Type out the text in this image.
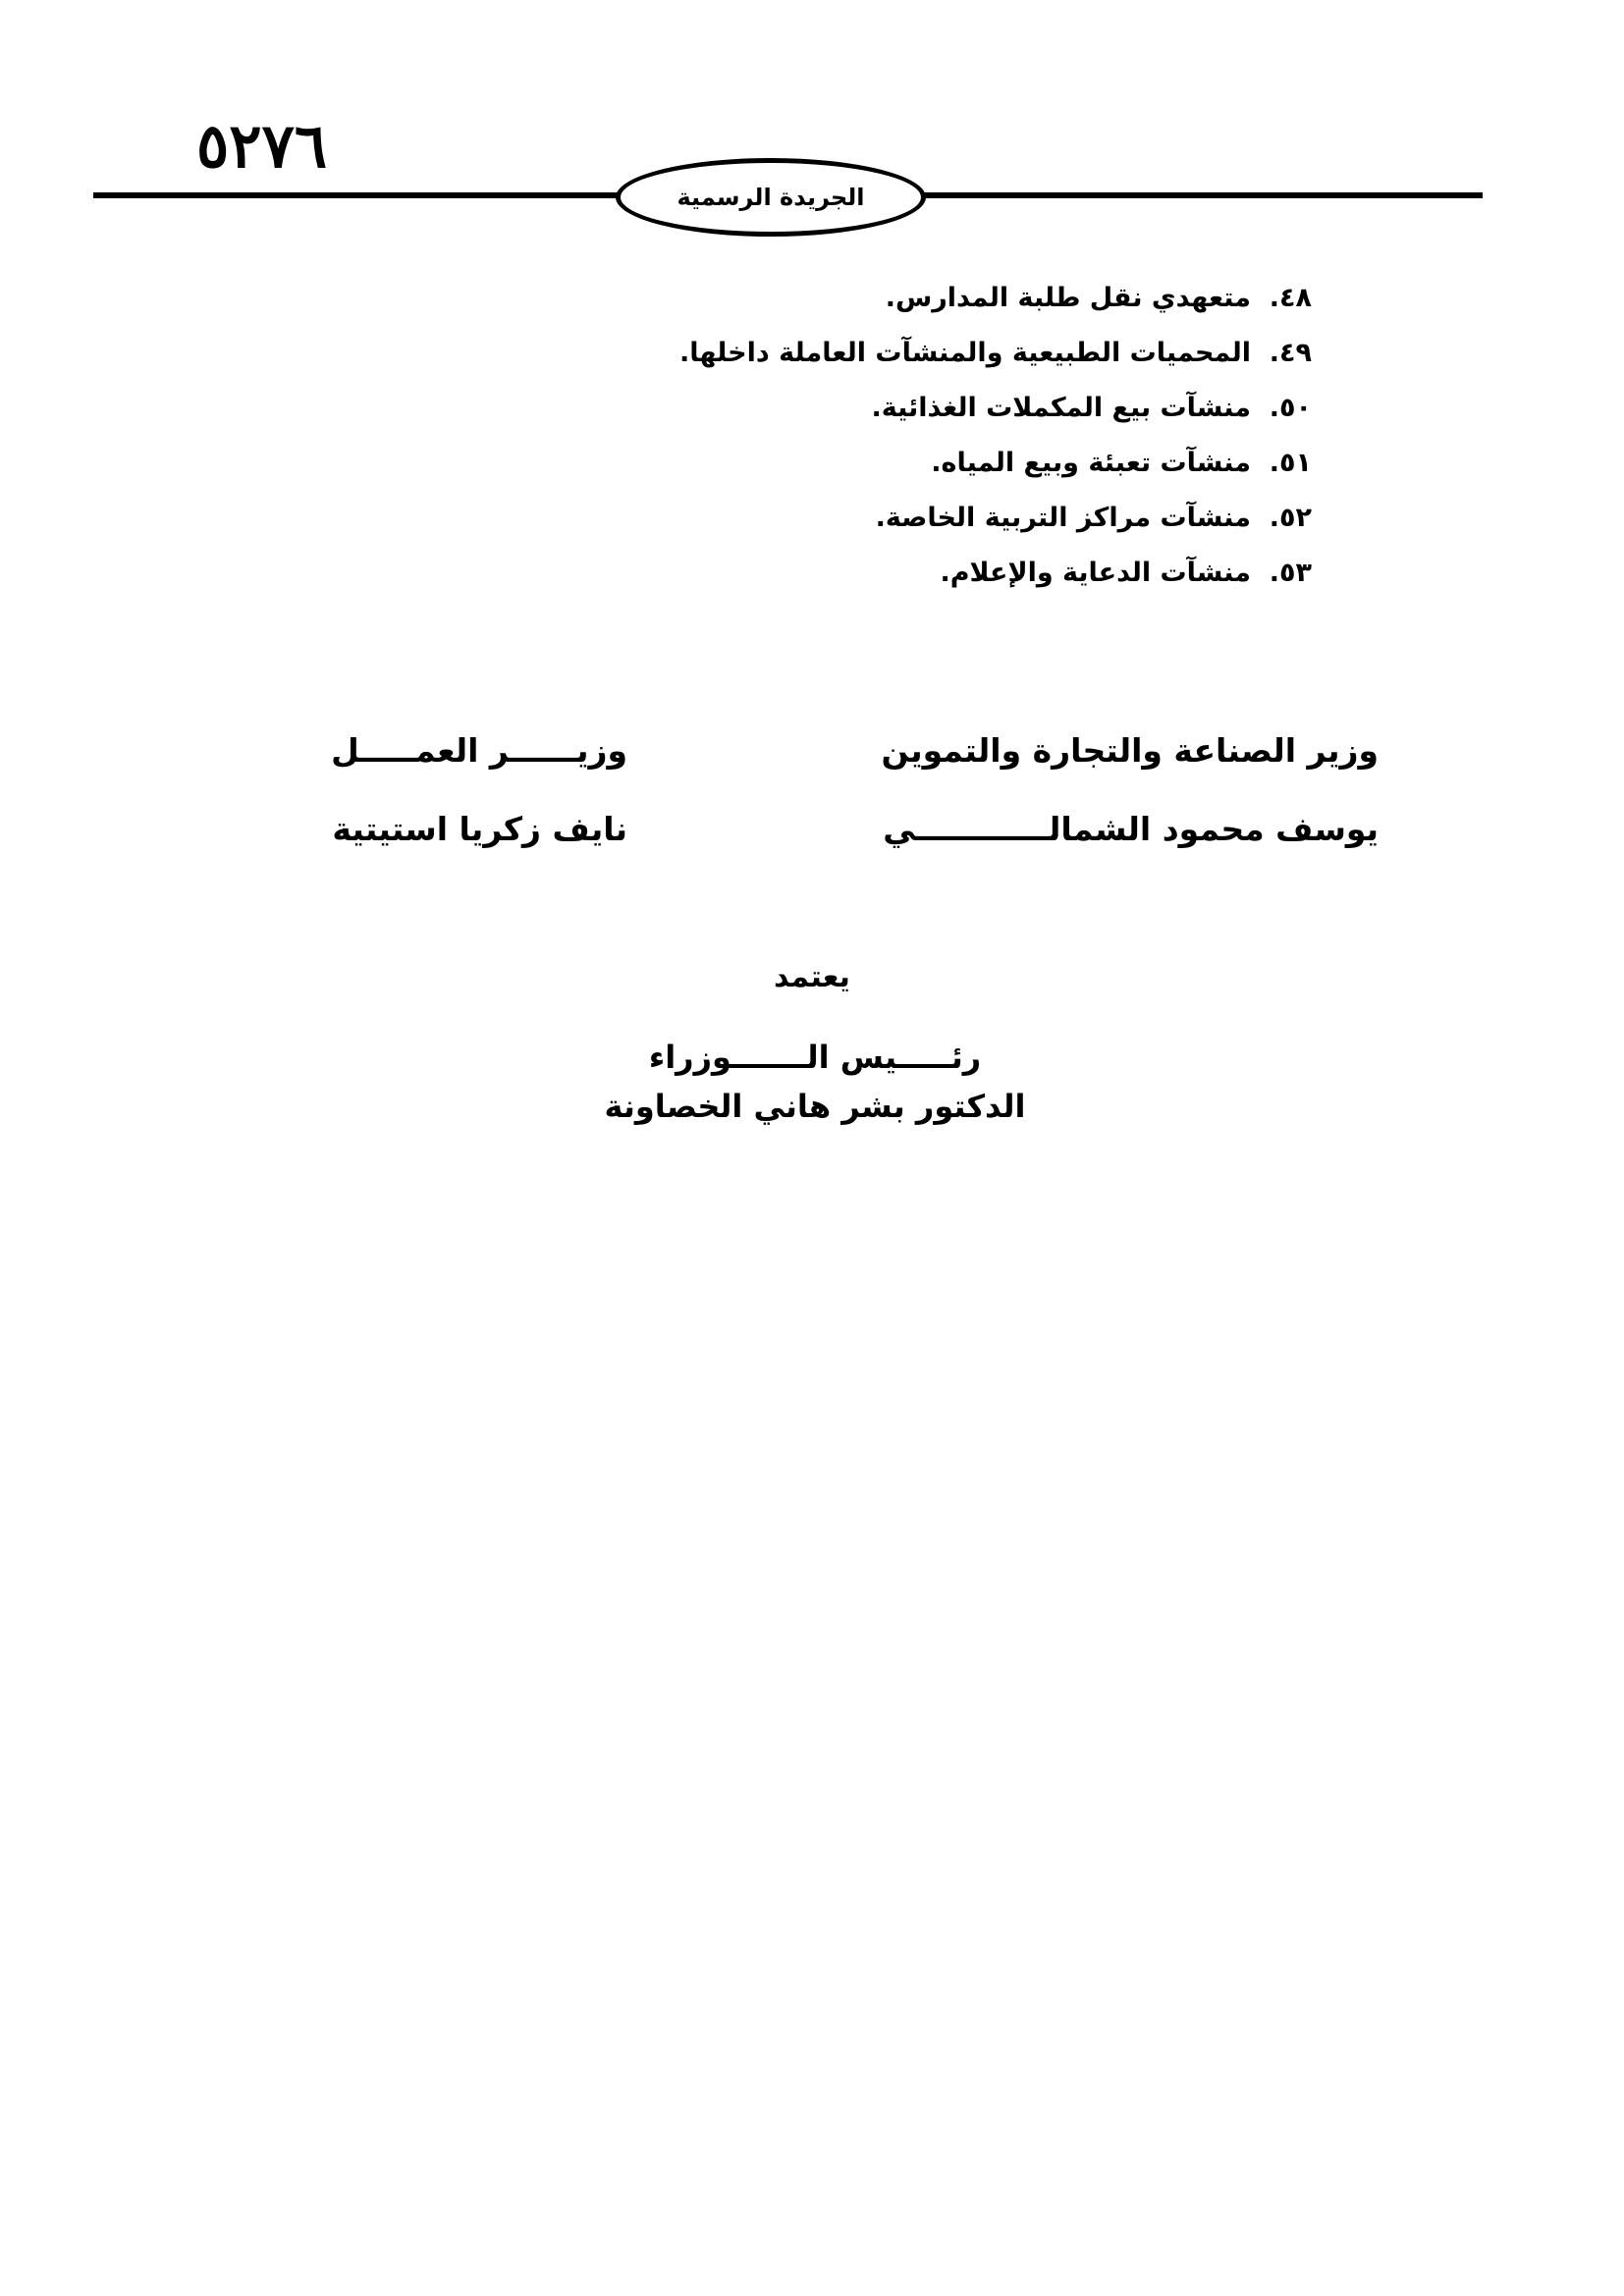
٥٢٧٦
الجريدة الرسمية
٤٨.
متعهدي نقل طلبة المدارس.
٤٩.
المحميات الطبيعية والمنشآت العاملة داخلها.
٥٠.
منشآت بيع المكملات الغذائية.
٥١.
منشآت تعبئة وبيع المياه.
٥٢.
منشآت مراكز التربية الخاصة.
٥٣.
منشآت الدعاية والإعلام.
وزير الصناعة والتجارة والتموين
يوسف محمود الشمالــــــــــــي
وزيــــــر العمـــــل
نايف زكريا استيتية
يعتمد
رئـــــيس الـــــــوزراء
الدكتور بشر هاني الخصاونة
